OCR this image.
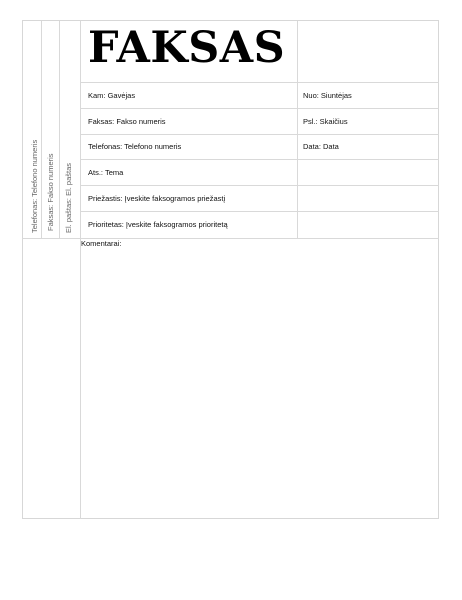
Telefonas: Telefono numeris Faksas: Fakso numeris El. paštas: El. paštas
FAKSAS
Kam: Gavėjas	Nuo: Siuntėjas
Faksas: Fakso numeris	Psl.: Skaičius
Telefonas: Telefono numeris	Data: Data
Ats.: Tema
Priežastis: Įveskite faksogramos priežastį
Prioritetas: Įveskite faksogramos prioritetą
Komentarai:
